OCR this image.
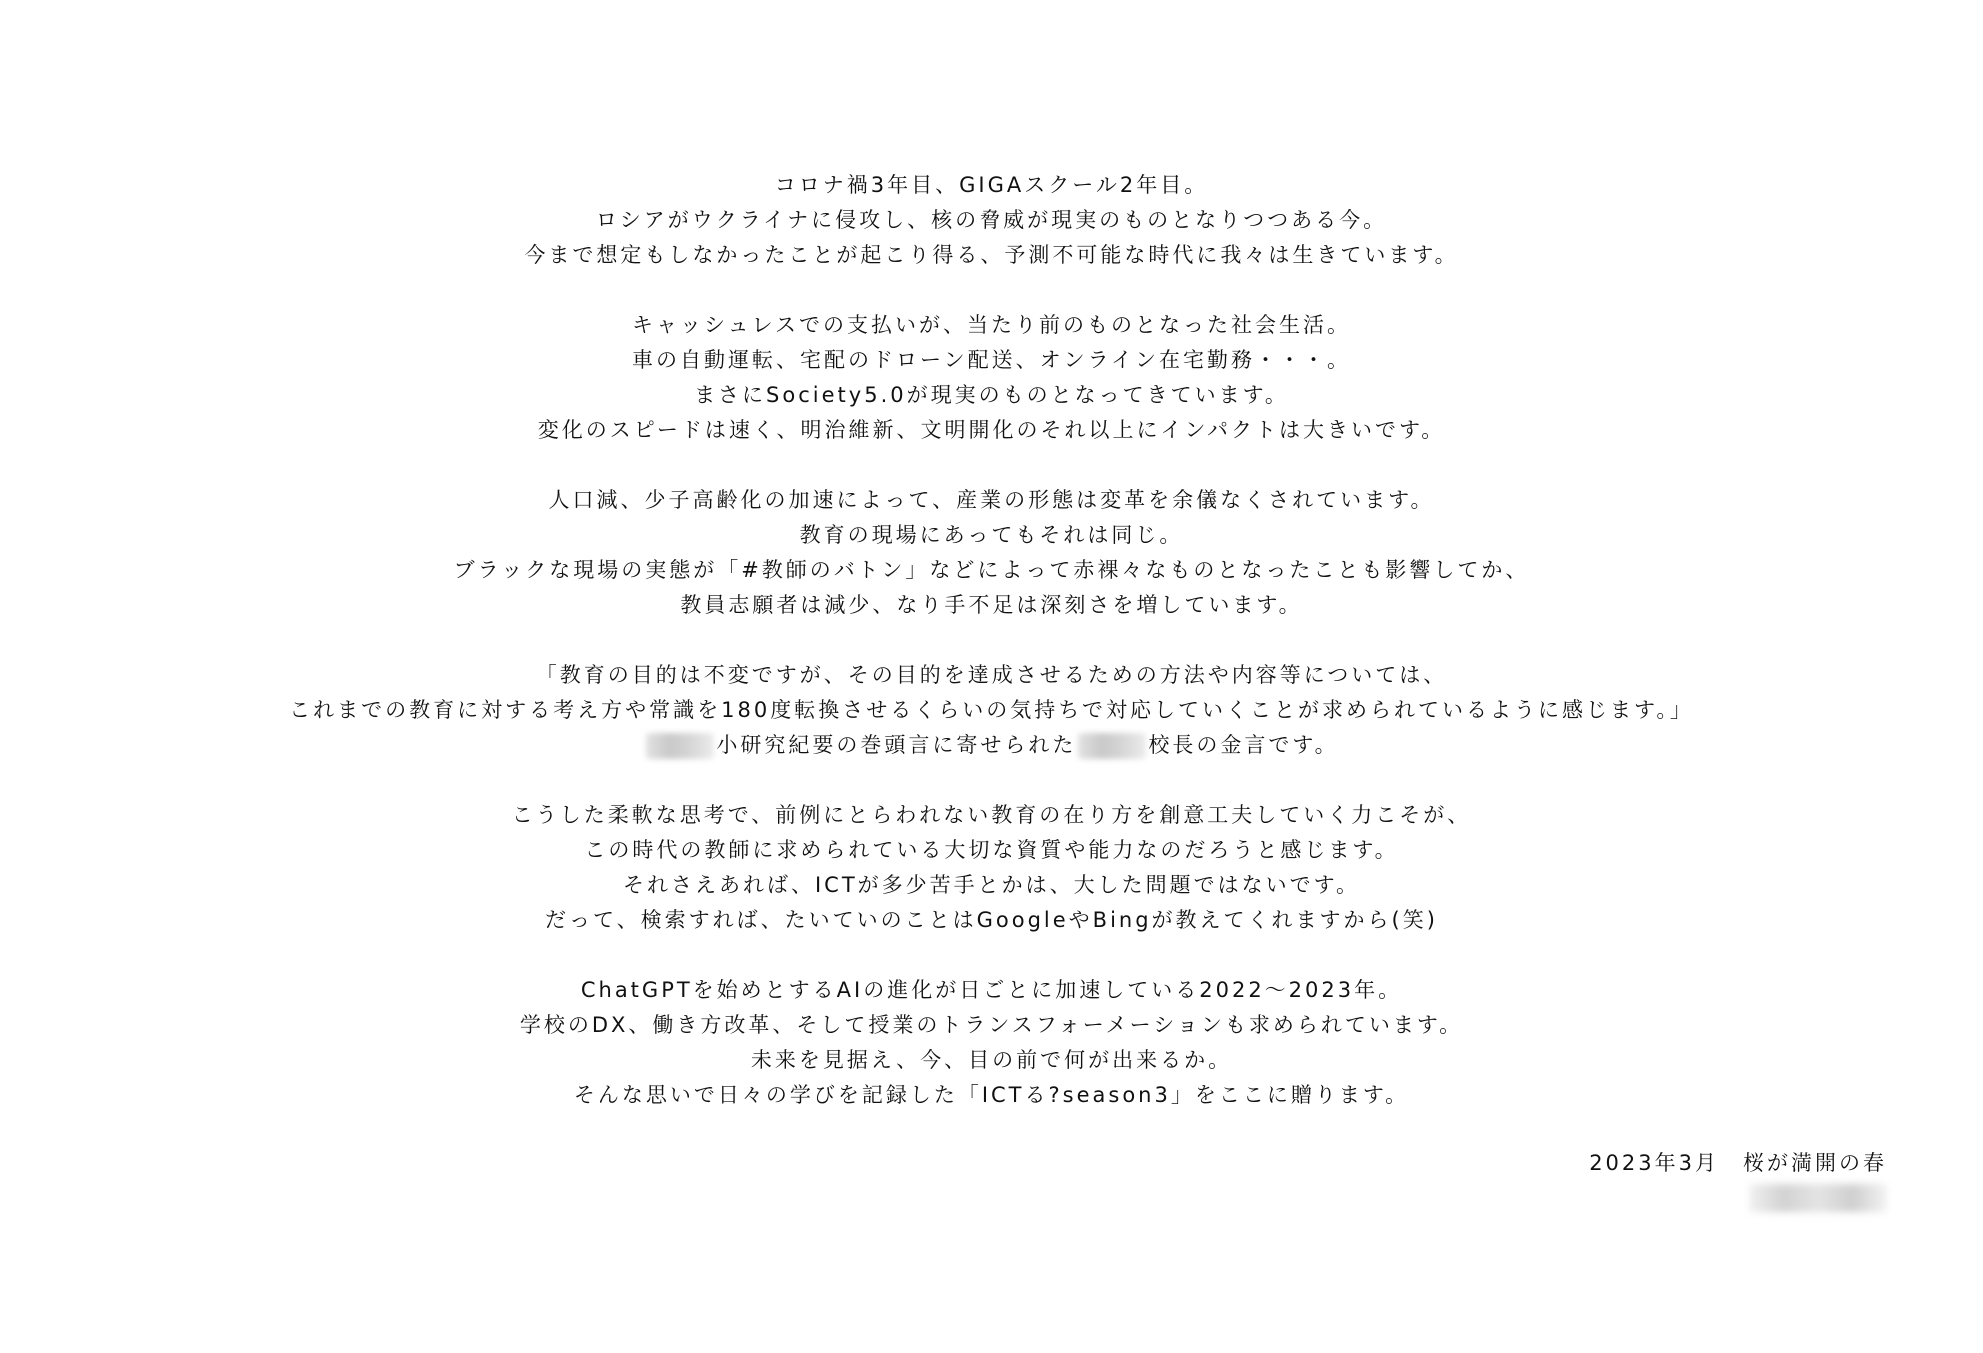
コロナ禍3年目、GIGAスクール2年目。
ロシアがウクライナに侵攻し、核の脅威が現実のものとなりつつある今。
今まで想定もしなかったことが起こり得る、予測不可能な時代に我々は生きています。
キャッシュレスでの支払いが、当たり前のものとなった社会生活。
車の自動運転、宅配のドローン配送、オンライン在宅勤務・・・。
まさにSociety5.0が現実のものとなってきています。
変化のスピードは速く、明治維新、文明開化のそれ以上にインパクトは大きいです。
人口減、少子高齢化の加速によって、産業の形態は変革を余儀なくされています。
教育の現場にあってもそれは同じ。
ブラックな現場の実態が「#教師のバトン」などによって赤裸々なものとなったことも影響してか、
教員志願者は減少、なり手不足は深刻さを増しています。
「教育の目的は不変ですが、その目的を達成させるための方法や内容等については、
これまでの教育に対する考え方や常識を180度転換させるくらいの気持ちで対応していくことが求められているように感じます。」
小研究紀要の巻頭言に寄せられた	校長の金言です。
こうした柔軟な思考で、前例にとらわれない教育の在り方を創意工夫していく力こそが、
この時代の教師に求められている大切な資質や能力なのだろうと感じます。
それさえあれば、ICTが多少苦手とかは、大した問題ではないです。
だって、検索すれば、たいていのことはGoogleやBingが教えてくれますから(笑)
ChatGPTを始めとするAIの進化が日ごとに加速している2022～2023年。
学校のDX、働き方改革、そして授業のトランスフォーメーションも求められています。
未来を見据え、今、目の前で何が出来るか。
そんな思いで日々の学びを記録した「ICTる?season3」をここに贈ります。
2023年3月　桜が満開の春
